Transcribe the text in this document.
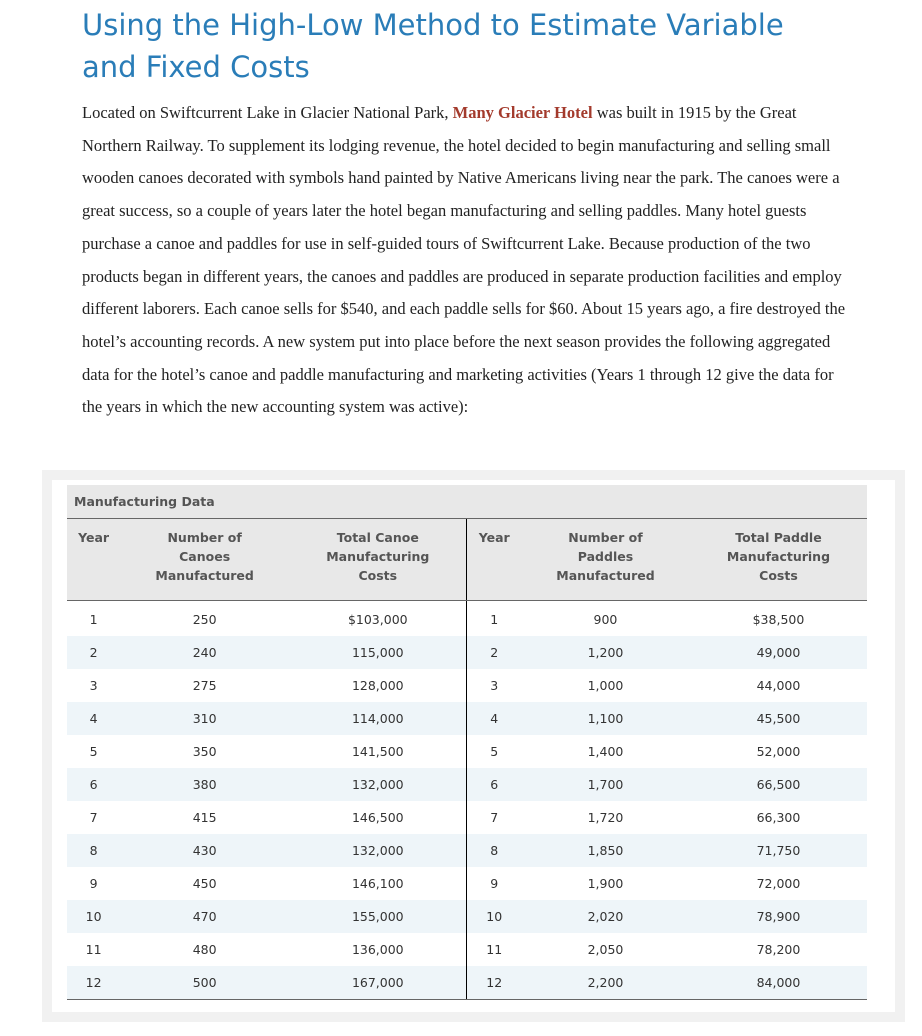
Using the High-Low Method to Estimate Variable and Fixed Costs

Located on Swiftcurrent Lake in Glacier National Park, Many Glacier Hotel was built in 1915 by the Great Northern Railway. To supplement its lodging revenue, the hotel decided to begin manufacturing and selling small wooden canoes decorated with symbols hand painted by Native Americans living near the park. The canoes were a great success, so a couple of years later the hotel began manufacturing and selling paddles. Many hotel guests purchase a canoe and paddles for use in self-guided tours of Swiftcurrent Lake. Because production of the two products began in different years, the canoes and paddles are produced in separate production facilities and employ different laborers. Each canoe sells for $540, and each paddle sells for $60. About 15 years ago, a fire destroyed the hotel’s accounting records. A new system put into place before the next season provides the following aggregated data for the hotel’s canoe and paddle manufacturing and marketing activities (Years 1 through 12 give the data for the years in which the new accounting system was active):

Manufacturing Data					
Year	Number of
Canoes
Manufactured	Total Canoe
Manufacturing
Costs	Year	Number of
Paddles
Manufactured	Total Paddle
Manufacturing
Costs

1	250	$103,000	1	900	$38,500
2	240	115,000	2	1,200	49,000
3	275	128,000	3	1,000	44,000
4	310	114,000	4	1,100	45,500
5	350	141,500	5	1,400	52,000
6	380	132,000	6	1,700	66,500
7	415	146,500	7	1,720	66,300
8	430	132,000	8	1,850	71,750
9	450	146,100	9	1,900	72,000
10	470	155,000	10	2,020	78,900
11	480	136,000	11	2,050	78,200
12	500	167,000	12	2,200	84,000
